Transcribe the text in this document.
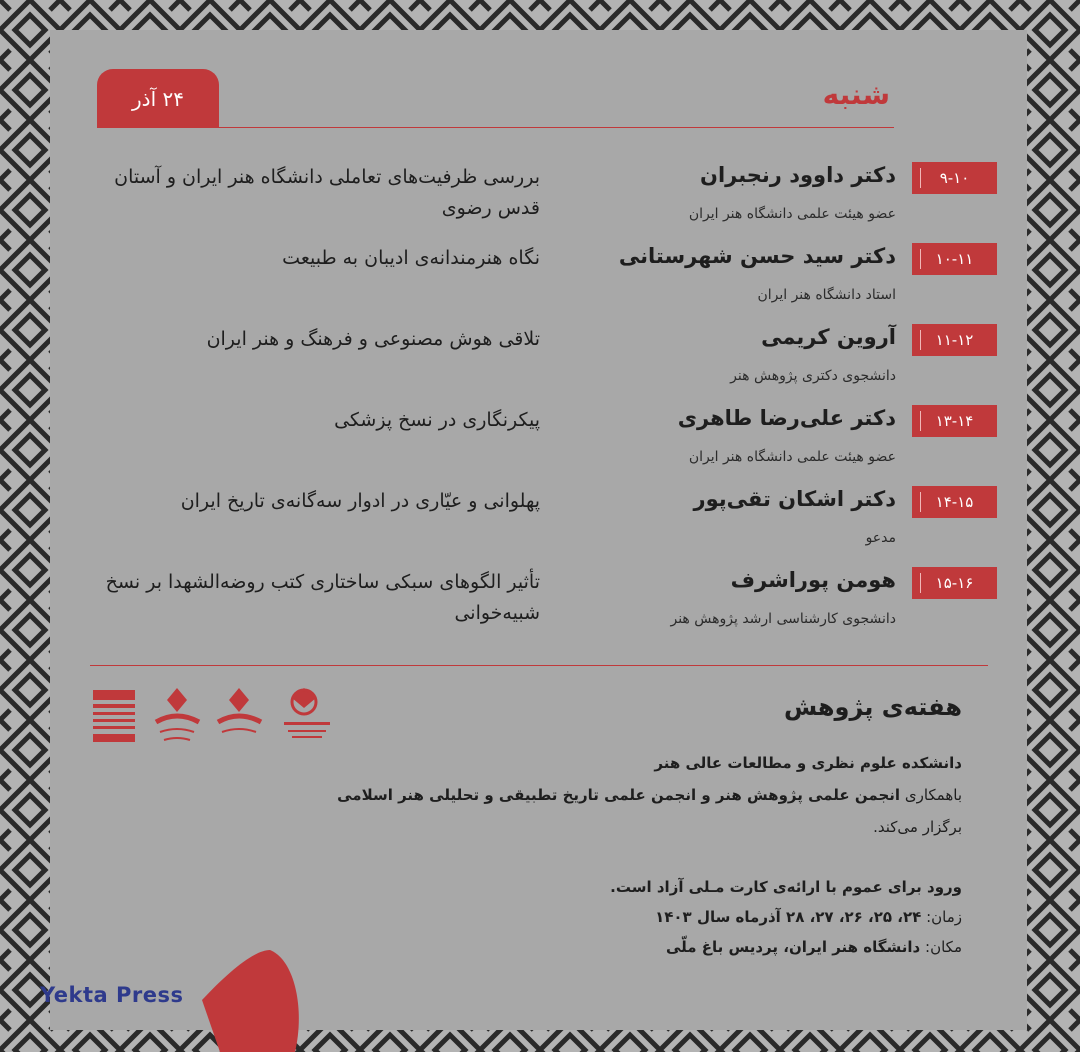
شنبه
۲۴ آذر
۹-۱۰
دکتر داوود رنجبران
عضو هیئت علمی دانشگاه هنر ایران
بررسی ظرفیت‌های تعاملی دانشگاه هنر ایران و آستان قدس رضوی
۱۰-۱۱
دکتر سید حسن شهرستانی
استاد دانشگاه هنر ایران
نگاه هنرمندانه‌ی ادیبان به طبیعت
۱۱-۱۲
آروین کریمی
دانشجوی دکتری پژوهش هنر
تلاقی هوش مصنوعی و فرهنگ و هنر ایران
۱۳-۱۴
دکتر علی‌رضا طاهری
عضو هیئت علمی دانشگاه هنر ایران
پیکرنگاری در نسخ پزشکی
۱۴-۱۵
دکتر اشکان تقی‌پور
مدعو
پهلوانی و عیّاری در ادوار سه‌گانه‌ی تاریخ ایران
۱۵-۱۶
هومن پوراشرف
دانشجوی کارشناسی ارشد پژوهش هنر
تأثیر الگوهای سبکی ساختاری کتب روضه‌الشهدا بر نسخ شبیه‌خوانی
هفته‌ی پژوهش
دانشکده علوم نظری و مطالعات عالی هنر
باهمکاری انجمن علمی پژوهش هنر و انجمن علمی تاریخ تطبیقی و تحلیلی هنر اسلامی
برگزار می‌کند.
ورود برای عموم با ارائه‌ی کارت مـلی آزاد است.
زمان: ۲۴، ۲۵، ۲۶، ۲۷، ۲۸ آذرماه سال ۱۴۰۳
مکان: دانشگاه هنر ایران، پردیس باغ ملّی
Yekta Press
